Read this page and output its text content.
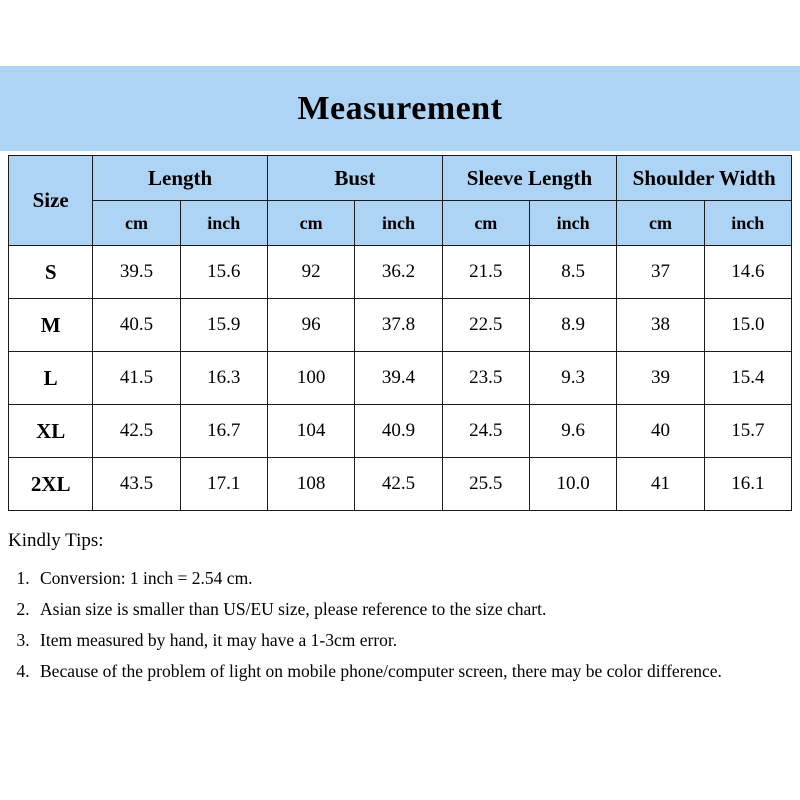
Measurement
Size	Length		Bust		Sleeve Length		Shoulder Width	
	cm	inch	cm	inch	cm	inch	cm	inch
S	39.5	15.6	92	36.2	21.5	8.5	37	14.6
M	40.5	15.9	96	37.8	22.5	8.9	38	15.0
L	41.5	16.3	100	39.4	23.5	9.3	39	15.4
XL	42.5	16.7	104	40.9	24.5	9.6	40	15.7
2XL	43.5	17.1	108	42.5	25.5	10.0	41	16.1
Kindly Tips:
1. Conversion: 1 inch = 2.54 cm.
2. Asian size is smaller than US/EU size, please reference to the size chart.
3. Item measured by hand, it may have a 1-3cm error.
4. Because of the problem of light on mobile phone/computer screen, there may be color difference.
